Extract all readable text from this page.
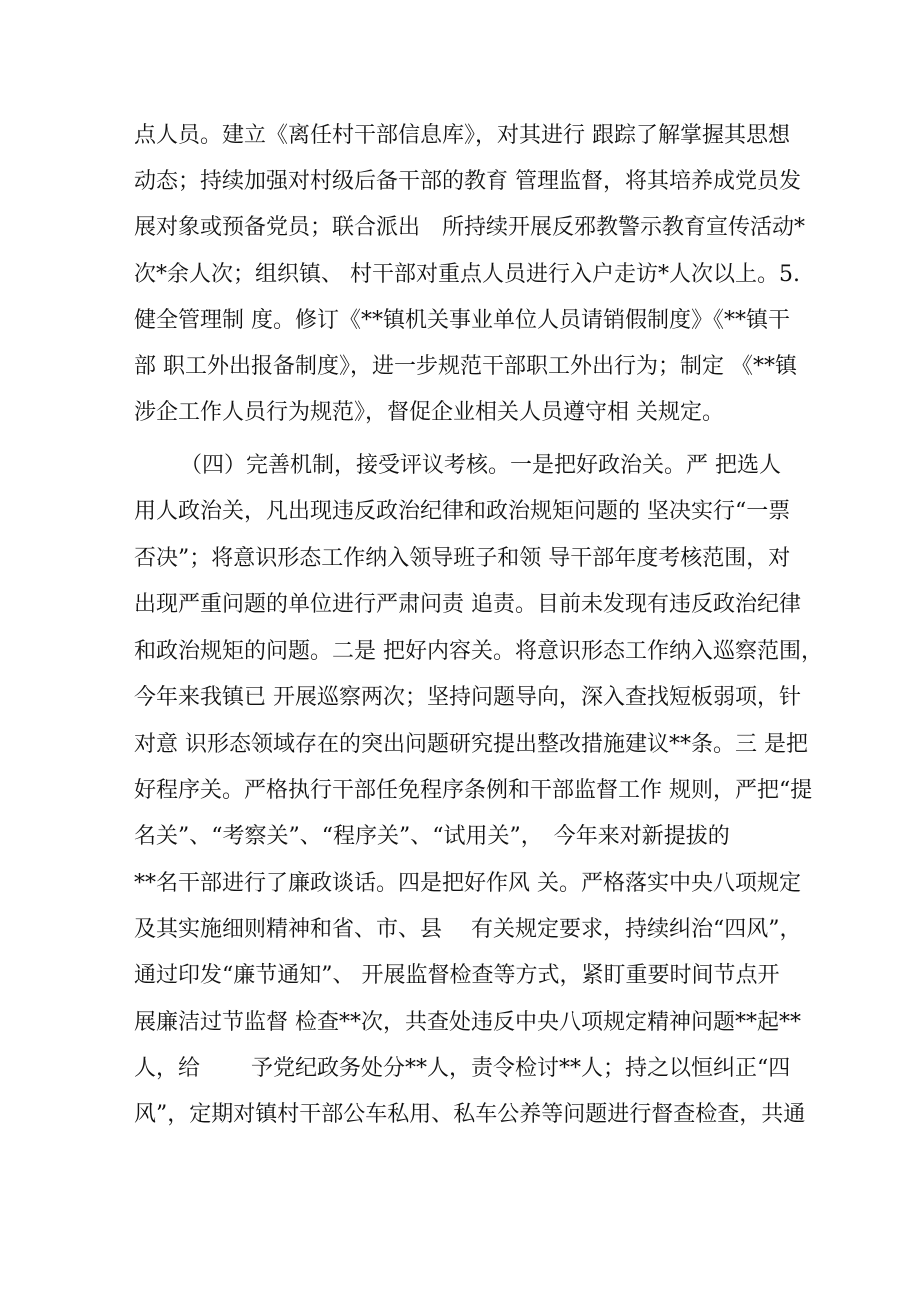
点人员。建立《离任村干部信息库》，对其进行 跟踪了解掌握其思想
动态；持续加强对村级后备干部的教育 管理监督，将其培养成党员发
展对象或预备党员；联合派出　所持续开展反邪教警示教育宣传活动*
次*余人次；组织镇、 村干部对重点人员进行入户走访*人次以上。5.
健全管理制 度。修订《**镇机关事业单位人员请销假制度》《**镇干
部 职工外出报备制度》，进一步规范干部职工外出行为；制定 《**镇
涉企工作人员行为规范》，督促企业相关人员遵守相 关规定。
（四）完善机制，接受评议考核。一是把好政治关。严 把选人
用人政治关，凡出现违反政治纪律和政治规矩问题的 坚决实行“一票
否决”；将意识形态工作纳入领导班子和领 导干部年度考核范围，对
出现严重问题的单位进行严肃问责 追责。目前未发现有违反政治纪律
和政治规矩的问题。二是 把好内容关。将意识形态工作纳入巡察范围，
今年来我镇已 开展巡察两次；坚持问题导向，深入查找短板弱项，针
对意 识形态领域存在的突出问题研究提出整改措施建议**条。三 是把
好程序关。严格执行干部任免程序条例和干部监督工作 规则，严把“提
名关”、“考察关”、“程序关”、“试用关”，　今年来对新提拔的
**名干部进行了廉政谈话。四是把好作风 关。严格落实中央八项规定
及其实施细则精神和省、市、县　 有关规定要求，持续纠治“四风”，
通过印发“廉节通知”、 开展监督检查等方式，紧盯重要时间节点开
展廉洁过节监督 检查**次，共查处违反中央八项规定精神问题**起**
人，给　　 予党纪政务处分**人，责令检讨**人；持之以恒纠正“四
风”，定期对镇村干部公车私用、私车公养等问题进行督查检查，共通
